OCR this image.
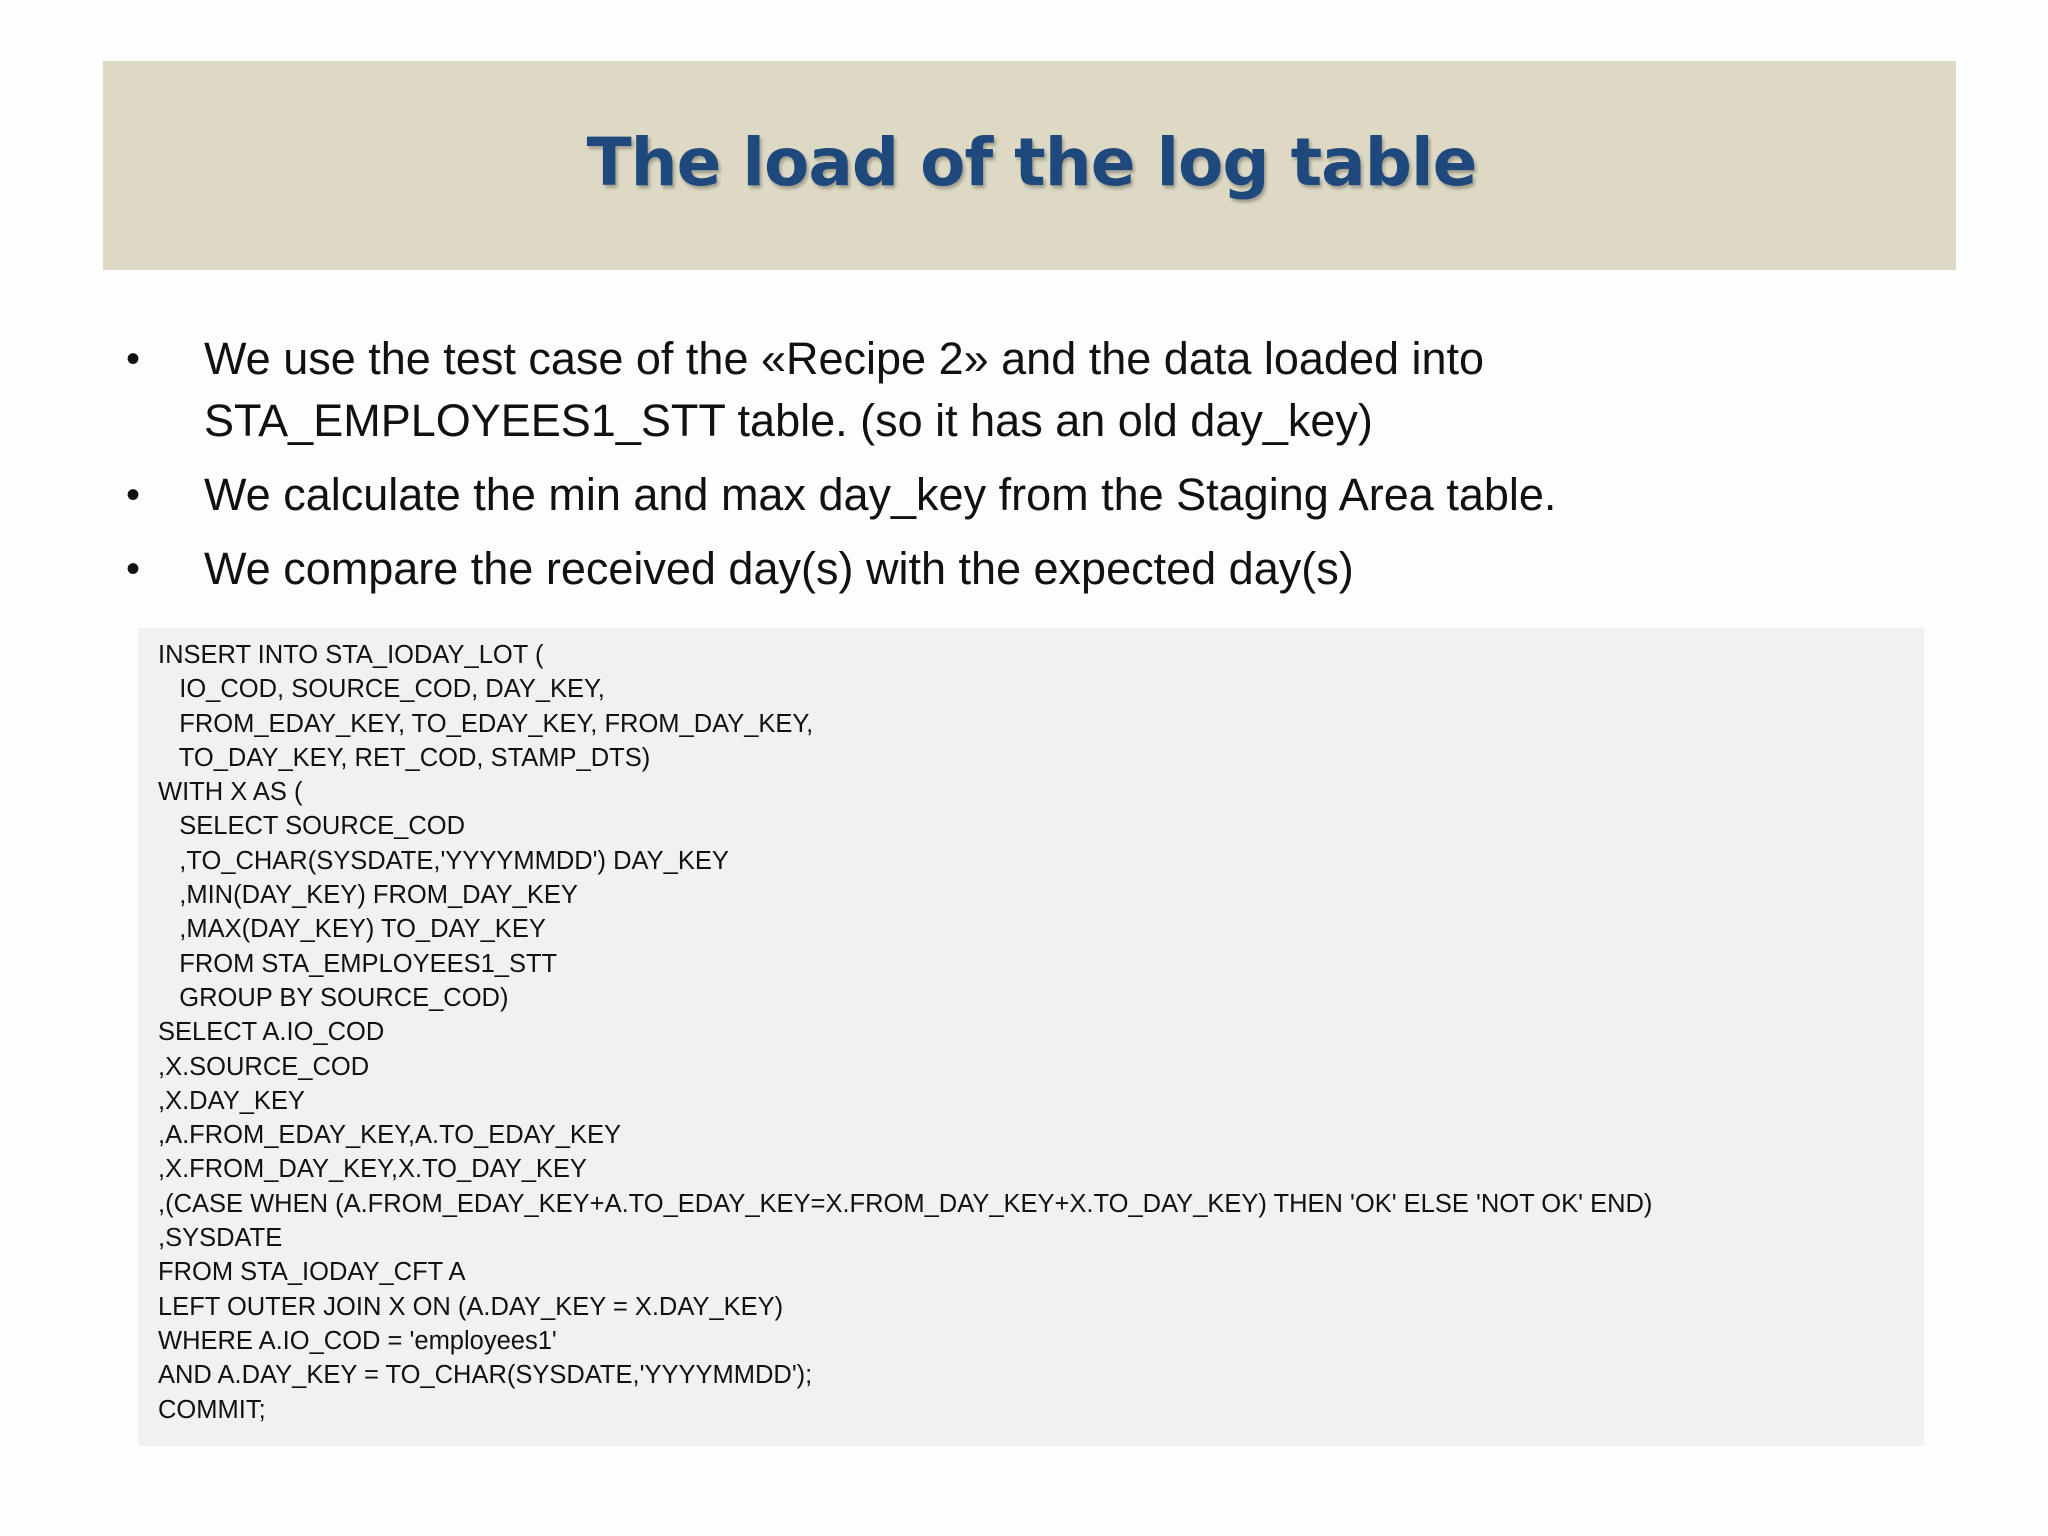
The load of the log table
•	We use the test case of the «Recipe 2» and the data loaded into
STA_EMPLOYEES1_STT table. (so it has an old day_key)
•	We calculate the min and max day_key from the Staging Area table.
•	We compare the received day(s) with the expected day(s)
INSERT INTO STA_IODAY_LOT (
IO_COD, SOURCE_COD, DAY_KEY,
FROM_EDAY_KEY, TO_EDAY_KEY, FROM_DAY_KEY,
TO_DAY_KEY, RET_COD, STAMP_DTS)
WITH X AS (
SELECT SOURCE_COD
,TO_CHAR(SYSDATE,'YYYYMMDD') DAY_KEY
,MIN(DAY_KEY) FROM_DAY_KEY
,MAX(DAY_KEY) TO_DAY_KEY
FROM STA_EMPLOYEES1_STT
GROUP BY SOURCE_COD)
SELECT A.IO_COD
,X.SOURCE_COD
,X.DAY_KEY
,A.FROM_EDAY_KEY,A.TO_EDAY_KEY
,X.FROM_DAY_KEY,X.TO_DAY_KEY
,(CASE WHEN (A.FROM_EDAY_KEY+A.TO_EDAY_KEY=X.FROM_DAY_KEY+X.TO_DAY_KEY) THEN 'OK' ELSE 'NOT OK' END)
,SYSDATE
FROM STA_IODAY_CFT A
LEFT OUTER JOIN X ON (A.DAY_KEY = X.DAY_KEY)
WHERE A.IO_COD = 'employees1'
AND A.DAY_KEY = TO_CHAR(SYSDATE,'YYYYMMDD');
COMMIT;
